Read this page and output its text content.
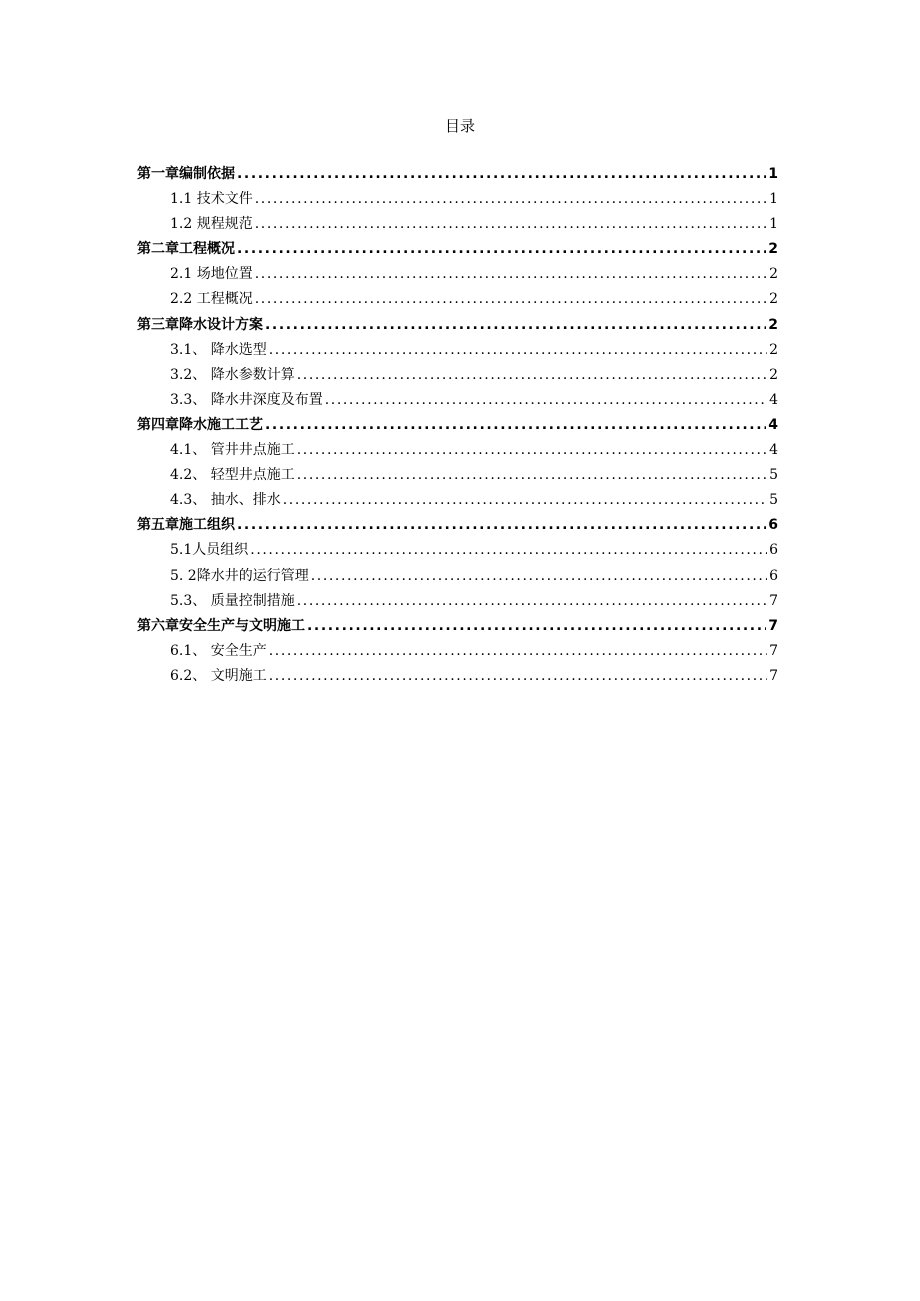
目录
第一章编制依据 .....	1
1.1 技术文件 .....	1
1.2 规程规范 .....	1
第二章工程概况 .....	2
2.1 场地位置 .....	2
2.2 工程概况 .....	2
第三章降水设计方案 .....	2
3.1、 降水选型 .....	2
3.2、 降水参数计算 .....	2
3.3、 降水井深度及布置 .....	4
第四章降水施工工艺 .....	4
4.1、 管井井点施工 .....	4
4.2、 轻型井点施工 .....	5
4.3、 抽水、排水 .....	5
第五章施工组织 .....	6
5.1人员组织 .....	6
5. 2降水井的运行管理 .....	6
5.3、 质量控制措施 .....	7
第六章安全生产与文明施工 .....	7
6.1、 安全生产 .....	7
6.2、 文明施工 .....	7
